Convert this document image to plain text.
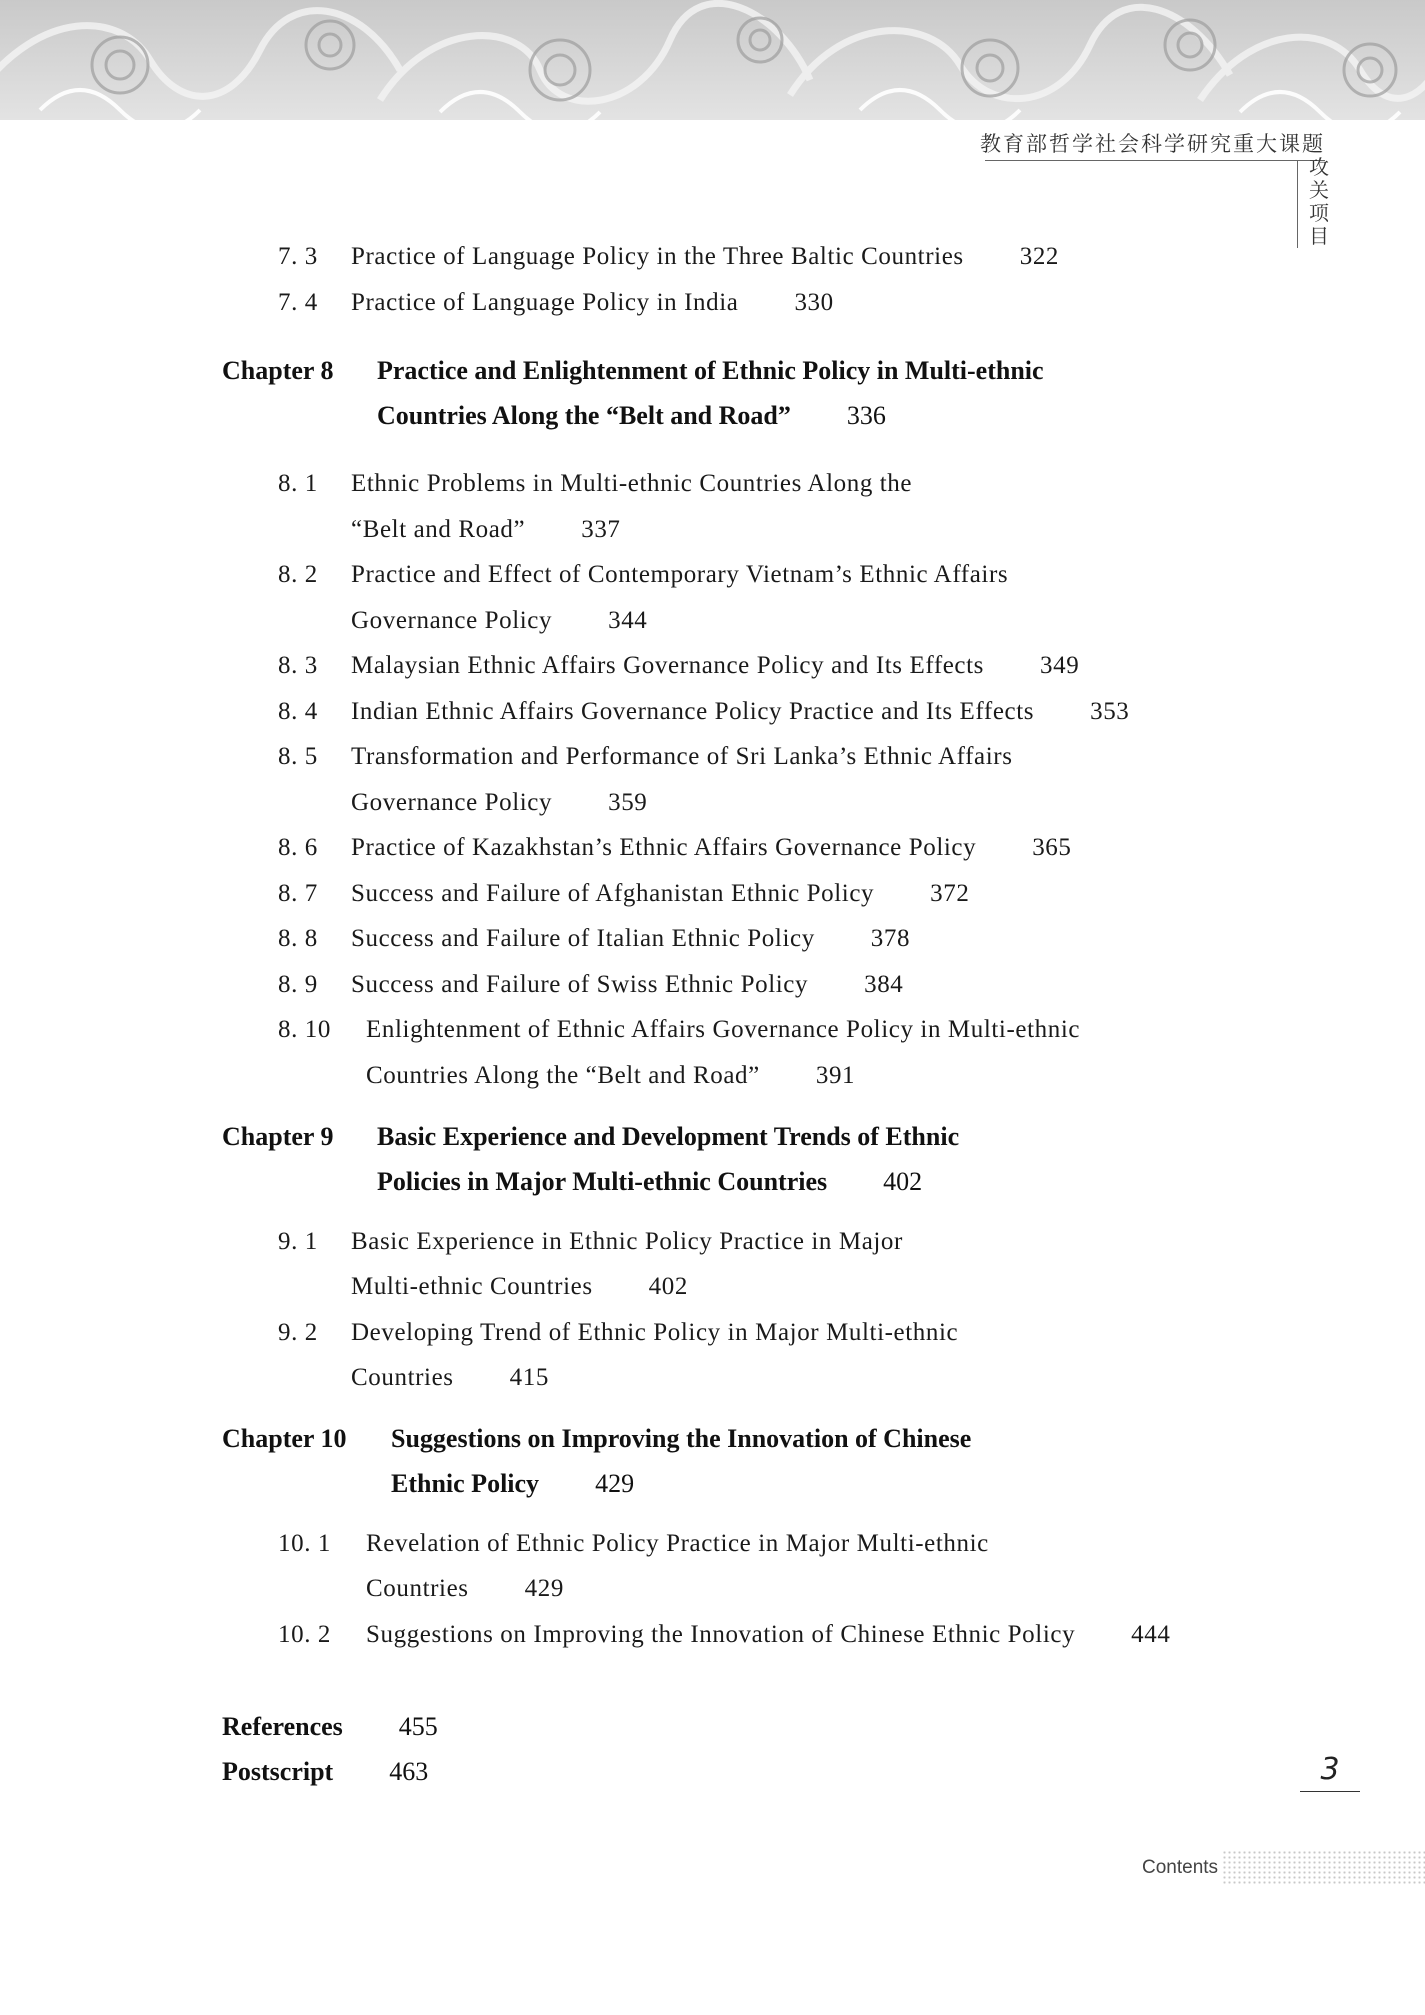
教育部哲学社会科学研究重大课题
攻
关
项
目
7. 3 Practice of Language Policy in the Three Baltic Countries 322
7. 4 Practice of Language Policy in India 330
Chapter 8 Practice and Enlightenment of Ethnic Policy in Multi-ethnic
Countries Along the “Belt and Road” 336
8. 1 Ethnic Problems in Multi-ethnic Countries Along the
“Belt and Road” 337
8. 2 Practice and Effect of Contemporary Vietnam’s Ethnic Affairs
Governance Policy 344
8. 3 Malaysian Ethnic Affairs Governance Policy and Its Effects 349
8. 4 Indian Ethnic Affairs Governance Policy Practice and Its Effects 353
8. 5 Transformation and Performance of Sri Lanka’s Ethnic Affairs
Governance Policy 359
8. 6 Practice of Kazakhstan’s Ethnic Affairs Governance Policy 365
8. 7 Success and Failure of Afghanistan Ethnic Policy 372
8. 8 Success and Failure of Italian Ethnic Policy 378
8. 9 Success and Failure of Swiss Ethnic Policy 384
8. 10 Enlightenment of Ethnic Affairs Governance Policy in Multi-ethnic
Countries Along the “Belt and Road” 391
Chapter 9 Basic Experience and Development Trends of Ethnic
Policies in Major Multi-ethnic Countries 402
9. 1 Basic Experience in Ethnic Policy Practice in Major
Multi-ethnic Countries 402
9. 2 Developing Trend of Ethnic Policy in Major Multi-ethnic
Countries 415
Chapter 10 Suggestions on Improving the Innovation of Chinese
Ethnic Policy 429
10. 1 Revelation of Ethnic Policy Practice in Major Multi-ethnic
Countries 429
10. 2 Suggestions on Improving the Innovation of Chinese Ethnic Policy 444
References 455
Postscript 463	3
Contents
